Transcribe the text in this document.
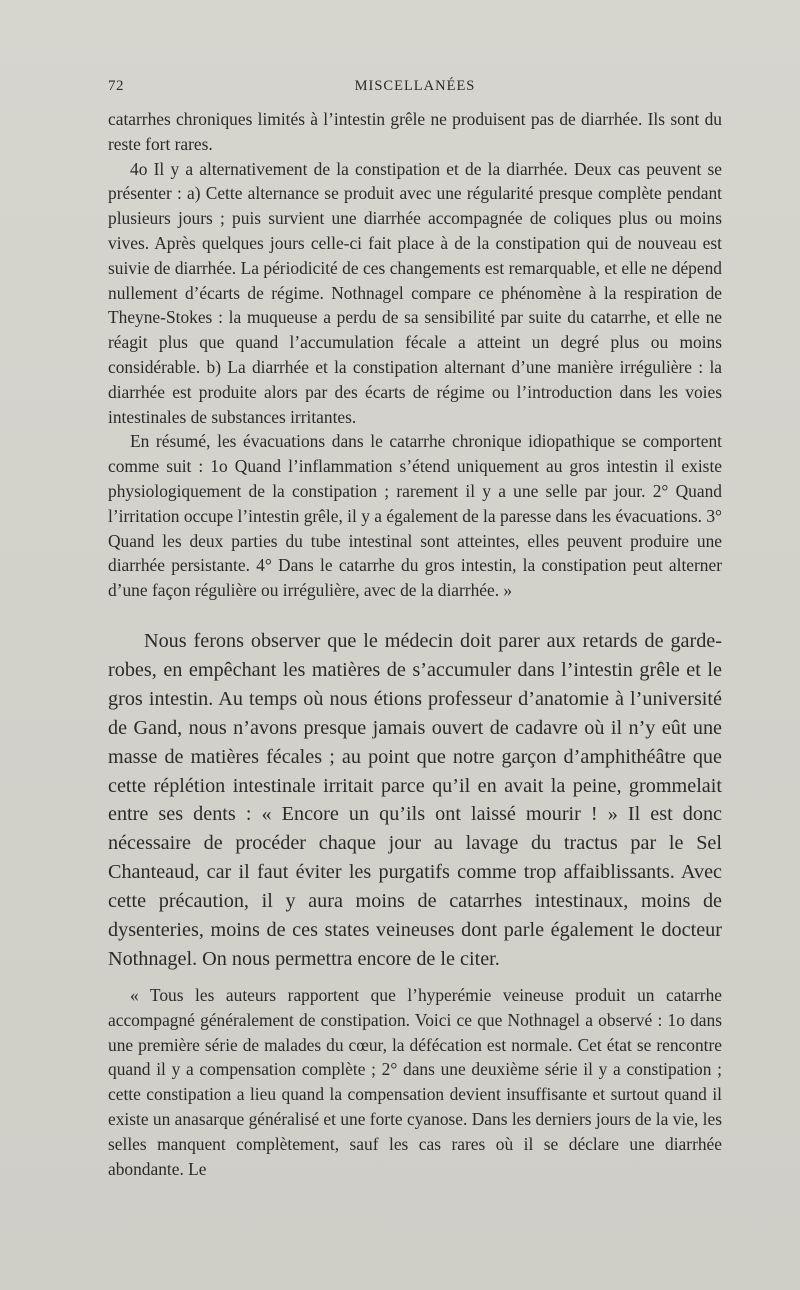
72	MISCELLANÉES

catarrhes chroniques limités à l’intestin grêle ne produisent pas de diarrhée. Ils sont du reste fort rares.

4o Il y a alternativement de la constipation et de la diarrhée. Deux cas peuvent se présenter : a) Cette alternance se produit avec une régularité presque complète pendant plusieurs jours ; puis survient une diarrhée accompagnée de coliques plus ou moins vives. Après quelques jours celle-ci fait place à de la constipation qui de nouveau est suivie de diarrhée. La périodicité de ces changements est remarquable, et elle ne dépend nullement d’écarts de régime. Nothnagel compare ce phénomène à la respiration de Theyne-Stokes : la muqueuse a perdu de sa sensibilité par suite du catarrhe, et elle ne réagit plus que quand l’accumulation fécale a atteint un degré plus ou moins considérable. b) La diarrhée et la constipation alternant d’une manière irrégulière : la diarrhée est produite alors par des écarts de régime ou l’introduction dans les voies intestinales de substances irritantes.

En résumé, les évacuations dans le catarrhe chronique idiopathique se comportent comme suit : 1o Quand l’inflammation s’étend uniquement au gros intestin il existe physiologiquement de la constipation ; rarement il y a une selle par jour. 2° Quand l’irritation occupe l’intestin grêle, il y a également de la paresse dans les évacuations. 3° Quand les deux parties du tube intestinal sont atteintes, elles peuvent produire une diarrhée persistante. 4° Dans le catarrhe du gros intestin, la constipation peut alterner d’une façon régulière ou irrégulière, avec de la diarrhée. »

Nous ferons observer que le médecin doit parer aux retards de garde-robes, en empêchant les matières de s’accumuler dans l’intestin grêle et le gros intestin. Au temps où nous étions professeur d’anatomie à l’université de Gand, nous n’avons presque jamais ouvert de cadavre où il n’y eût une masse de matières fécales ; au point que notre garçon d’amphithéâtre que cette réplétion intestinale irritait parce qu’il en avait la peine, grommelait entre ses dents : « Encore un qu’ils ont laissé mourir ! » Il est donc nécessaire de procéder chaque jour au lavage du tractus par le Sel Chanteaud, car il faut éviter les purgatifs comme trop affaiblissants. Avec cette précaution, il y aura moins de catarrhes intestinaux, moins de dysenteries, moins de ces states veineuses dont parle également le docteur Nothnagel. On nous permettra encore de le citer.

« Tous les auteurs rapportent que l’hyperémie veineuse produit un catarrhe accompagné généralement de constipation. Voici ce que Nothnagel a observé : 1o dans une première série de malades du cœur, la défécation est normale. Cet état se rencontre quand il y a compensation complète ; 2° dans une deuxième série il y a constipation ; cette constipation a lieu quand la compensation devient insuffisante et surtout quand il existe un anasarque généralisé et une forte cyanose. Dans les derniers jours de la vie, les selles manquent complètement, sauf les cas rares où il se déclare une diarrhée abondante. Le
